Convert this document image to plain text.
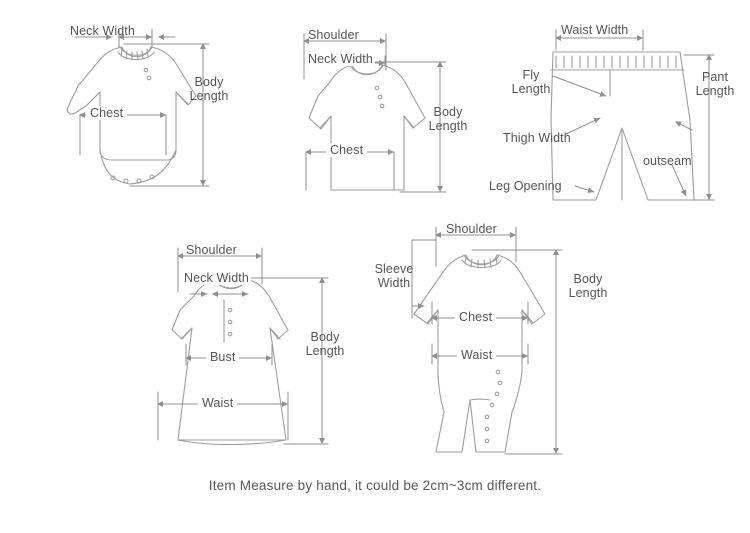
Neck Width
Body
Length
Chest
Shoulder
Neck Width
Body
Length
Chest
Waist Width
Fly
Length
Pant
Length
Thigh Width
outseam
Leg Opening
Shoulder
Neck Width
Bust
Body
Length
Waist
Shoulder
Sleeve
Width
Chest
Waist
Body
Length
Item Measure by hand, it could be 2cm~3cm different.
